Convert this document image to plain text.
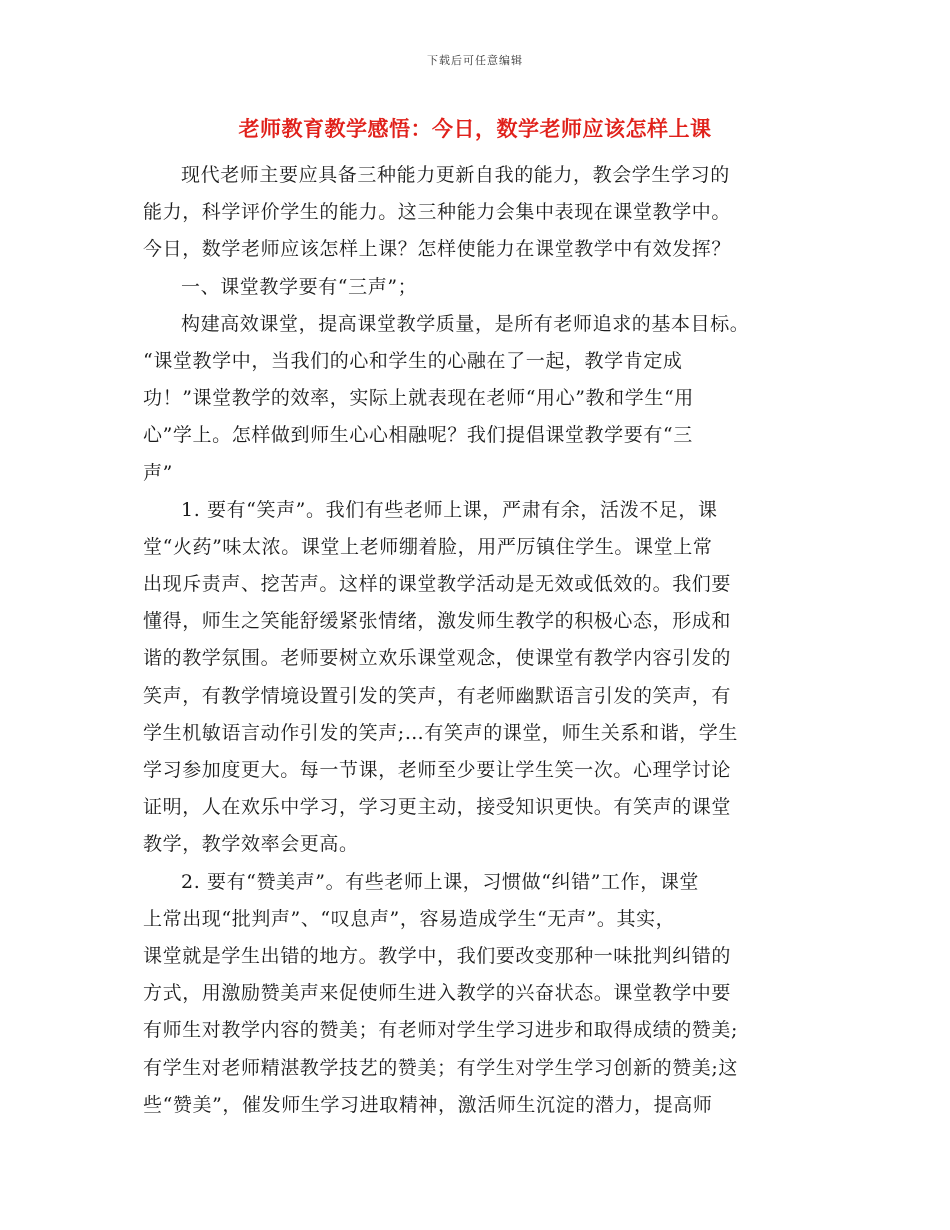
下载后可任意编辑
老师教育教学感悟：今日，数学老师应该怎样上课
现代老师主要应具备三种能力更新自我的能力，教会学生学习的
能力，科学评价学生的能力。这三种能力会集中表现在课堂教学中。
今日，数学老师应该怎样上课？怎样使能力在课堂教学中有效发挥？
一、课堂教学要有“三声”；
构建高效课堂，提高课堂教学质量，是所有老师追求的基本目标。
“课堂教学中，当我们的心和学生的心融在了一起，教学肯定成
功！”课堂教学的效率，实际上就表现在老师“用心”教和学生“用
心”学上。怎样做到师生心心相融呢？我们提倡课堂教学要有“三
声”
1. 要有“笑声”。我们有些老师上课，严肃有余，活泼不足，课
堂“火药”味太浓。课堂上老师绷着脸，用严厉镇住学生。课堂上常
出现斥责声、挖苦声。这样的课堂教学活动是无效或低效的。我们要
懂得，师生之笑能舒缓紧张情绪，激发师生教学的积极心态，形成和
谐的教学氛围。老师要树立欢乐课堂观念，使课堂有教学内容引发的
笑声，有教学情境设置引发的笑声，有老师幽默语言引发的笑声，有
学生机敏语言动作引发的笑声;…有笑声的课堂，师生关系和谐，学生
学习参加度更大。每一节课，老师至少要让学生笑一次。心理学讨论
证明，人在欢乐中学习，学习更主动，接受知识更快。有笑声的课堂
教学，教学效率会更高。
2. 要有“赞美声”。有些老师上课，习惯做“纠错”工作，课堂
上常出现“批判声”、“叹息声”，容易造成学生“无声”。其实，
课堂就是学生出错的地方。教学中，我们要改变那种一味批判纠错的
方式，用激励赞美声来促使师生进入教学的兴奋状态。课堂教学中要
有师生对教学内容的赞美；有老师对学生学习进步和取得成绩的赞美;
有学生对老师精湛教学技艺的赞美；有学生对学生学习创新的赞美;这
些“赞美”，催发师生学习进取精神，激活师生沉淀的潜力，提高师
